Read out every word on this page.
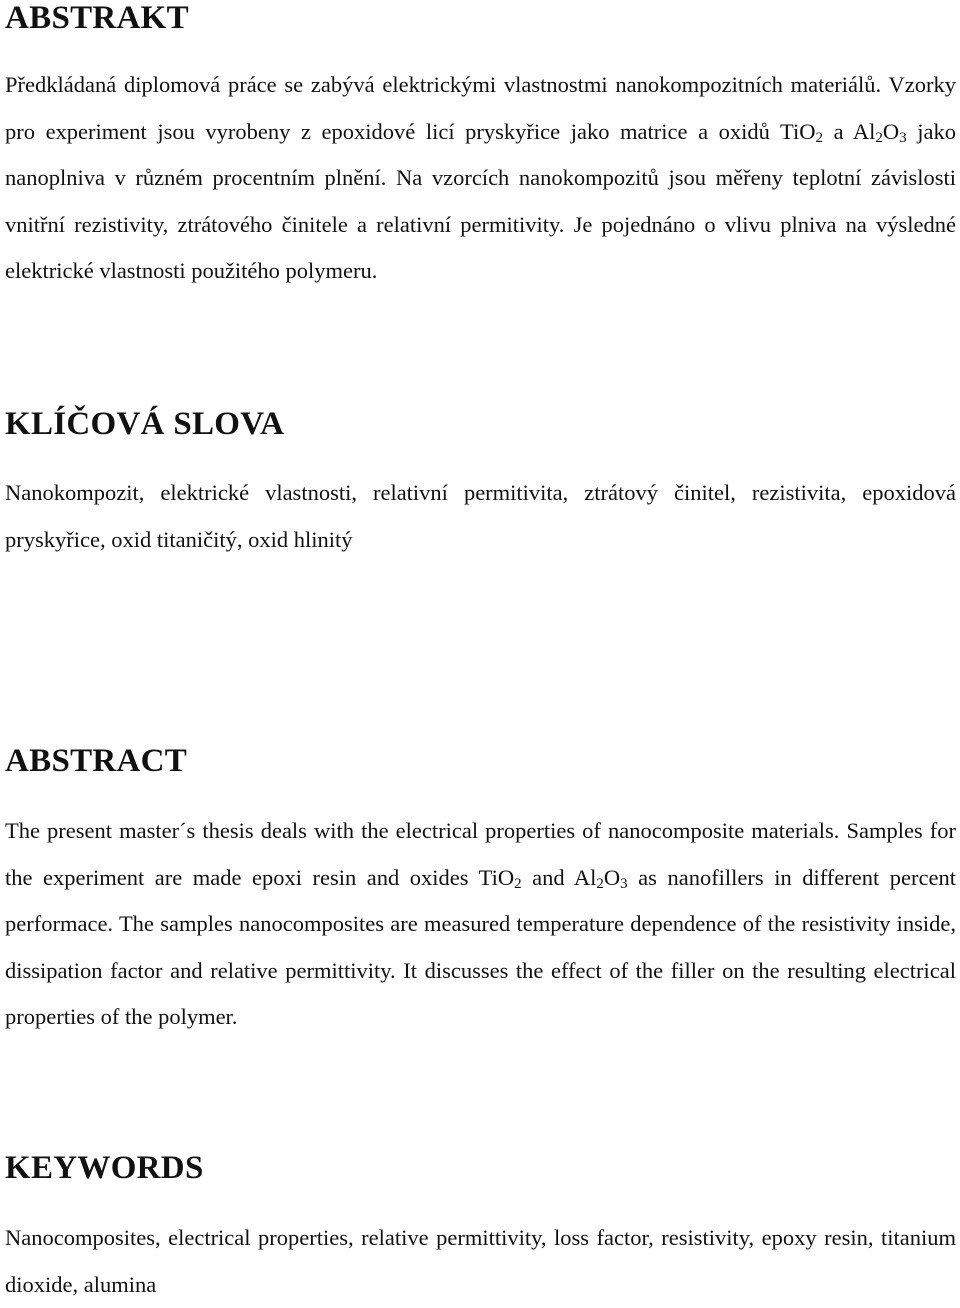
ABSTRAKT

Předkládaná diplomová práce se zabývá elektrickými vlastnostmi nanokompozitních materiálů. Vzorky pro experiment jsou vyrobeny z epoxidové licí pryskyřice jako matrice a oxidů TiO$_2$ a $Al_2O_3$ jako nanoplniva v různém procentním plnění. Na vzorcích nanokompozitů jsou měřeny teplotní závislosti vnitřní rezistivity, ztrátového činitele a relativní permitivity. Je pojednáno o vlivu plniva na výsledné elektrické vlastnosti použitého polymeru.

KLÍČOVÁ SLOVA

Nanokompozit, elektrické vlastnosti, relativní permitivita, ztrátový činitel, rezistivita, epoxidová pryskyřice, oxid titaničitý, oxid hlinitý

ABSTRACT

The present master´s thesis deals with the electrical properties of nanocomposite materials. Samples for the experiment are made epoxi resin and oxides TiO$_2$ and $Al_2O_3$ as nanofillers in different percent performace. The samples nanocomposites are measured temperature dependence of the resistivity inside, dissipation factor and relative permittivity. It discusses the effect of the filler on the resulting electrical properties of the polymer.

KEYWORDS

Nanocomposites, electrical properties, relative permittivity, loss factor, resistivity, epoxy resin, titanium dioxide, alumina
